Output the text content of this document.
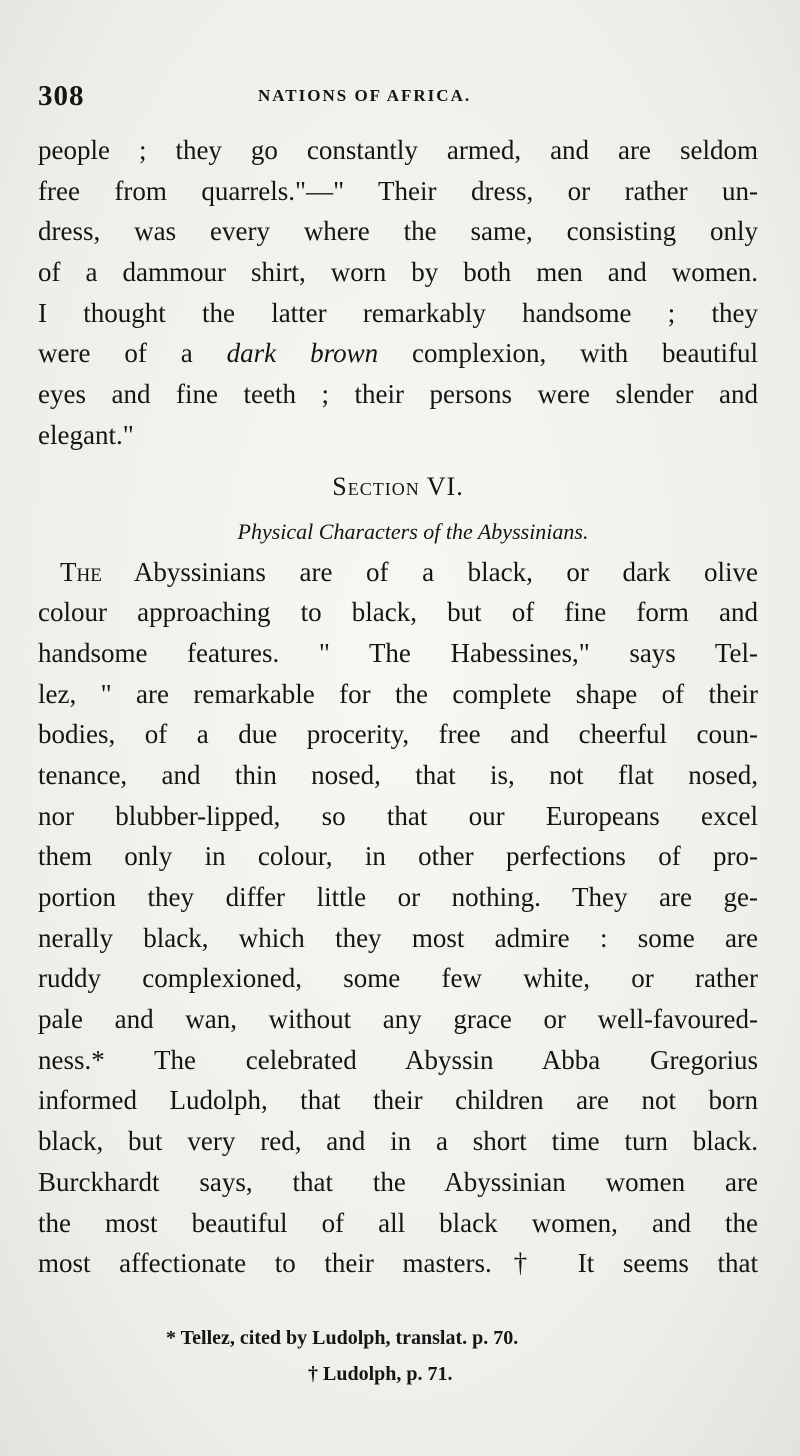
308	NATIONS OF AFRICA.
people ; they go constantly armed, and are seldom
free from quarrels."—" Their dress, or rather un-
dress, was every where the same, consisting only
of a dammour shirt, worn by both men and women.
I thought the latter remarkably handsome ; they
were of a dark brown complexion, with beautiful
eyes and fine teeth ; their persons were slender and
elegant."
Section VI.
Physical Characters of the Abyssinians.
The Abyssinians are of a black, or dark olive
colour approaching to black, but of fine form and
handsome features. " The Habessines," says Tel-
lez, " are remarkable for the complete shape of their
bodies, of a due procerity, free and cheerful coun-
tenance, and thin nosed, that is, not flat nosed,
nor blubber-lipped, so that our Europeans excel
them only in colour, in other perfections of pro-
portion they differ little or nothing. They are ge-
nerally black, which they most admire : some are
ruddy complexioned, some few white, or rather
pale and wan, without any grace or well-favoured-
ness.* The celebrated Abyssin Abba Gregorius
informed Ludolph, that their children are not born
black, but very red, and in a short time turn black.
Burckhardt says, that the Abyssinian women are
the most beautiful of all black women, and the
most affectionate to their masters.† It seems that
* Tellez, cited by Ludolph, translat. p. 70.
† Ludolph, p. 71.
